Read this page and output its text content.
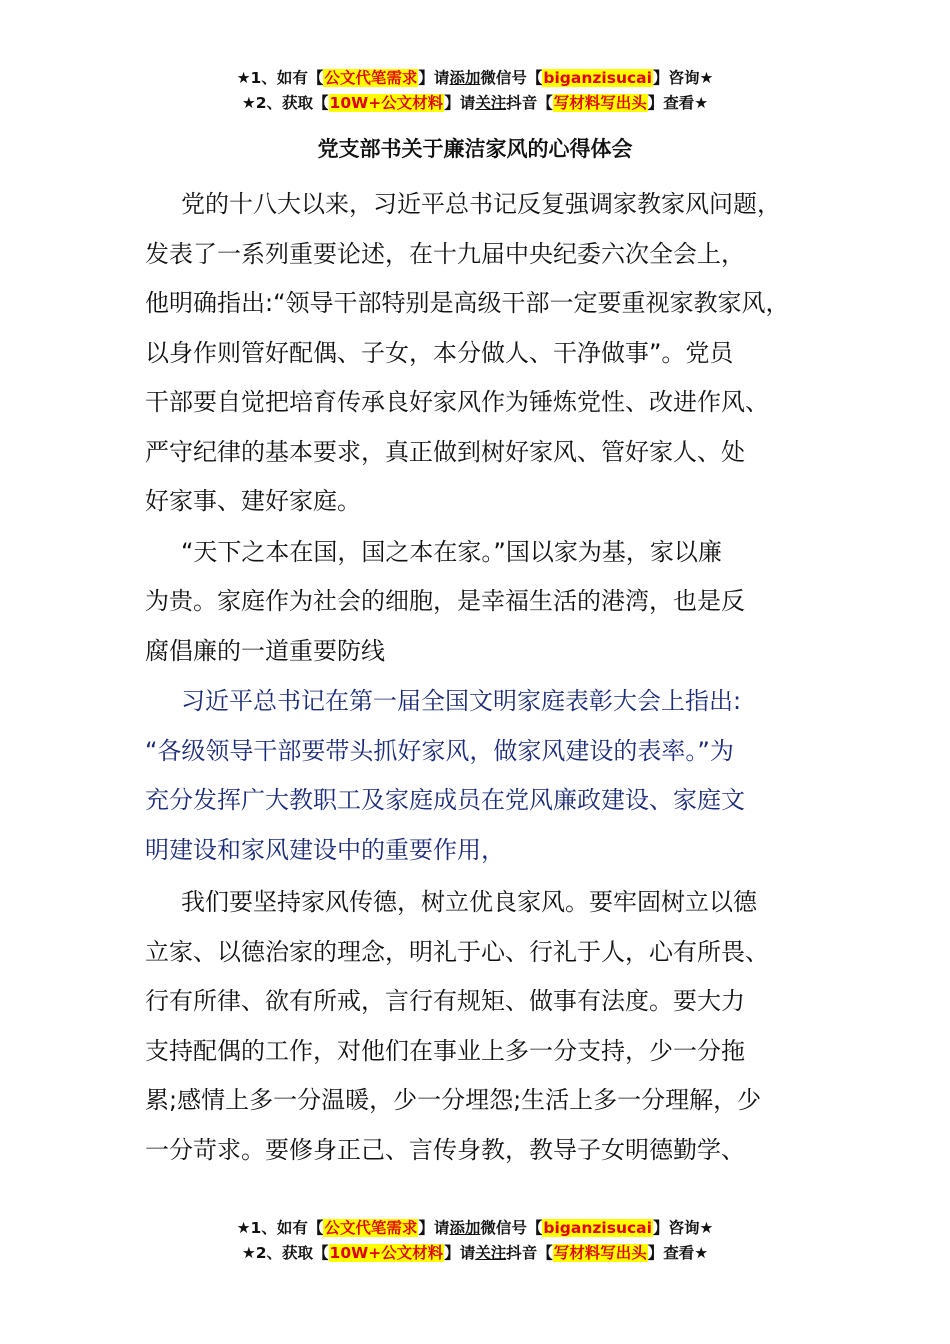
★1、如有【公文代笔需求】请添加微信号【biganzisucai】咨询★
★2、获取【10W+公文材料】请关注抖音【写材料写出头】查看★
党支部书关于廉洁家风的心得体会
党的十八大以来，习近平总书记反复强调家教家风问题，
发表了一系列重要论述，在十九届中央纪委六次全会上，
他明确指出:“领导干部特别是高级干部一定要重视家教家风，
以身作则管好配偶、子女，本分做人、干净做事”。党员
干部要自觉把培育传承良好家风作为锤炼党性、改进作风、
严守纪律的基本要求，真正做到树好家风、管好家人、处
好家事、建好家庭。
“天下之本在国，国之本在家。”国以家为基，家以廉
为贵。家庭作为社会的细胞，是幸福生活的港湾，也是反
腐倡廉的一道重要防线
习近平总书记在第一届全国文明家庭表彰大会上指出:
“各级领导干部要带头抓好家风，做家风建设的表率。”为
充分发挥广大教职工及家庭成员在党风廉政建设、家庭文
明建设和家风建设中的重要作用，
我们要坚持家风传德，树立优良家风。要牢固树立以德
立家、以德治家的理念，明礼于心、行礼于人，心有所畏、
行有所律、欲有所戒，言行有规矩、做事有法度。要大力
支持配偶的工作，对他们在事业上多一分支持，少一分拖
累;感情上多一分温暖，少一分埋怨;生活上多一分理解，少
一分苛求。要修身正己、言传身教，教导子女明德勤学、
★1、如有【公文代笔需求】请添加微信号【biganzisucai】咨询★
★2、获取【10W+公文材料】请关注抖音【写材料写出头】查看★
